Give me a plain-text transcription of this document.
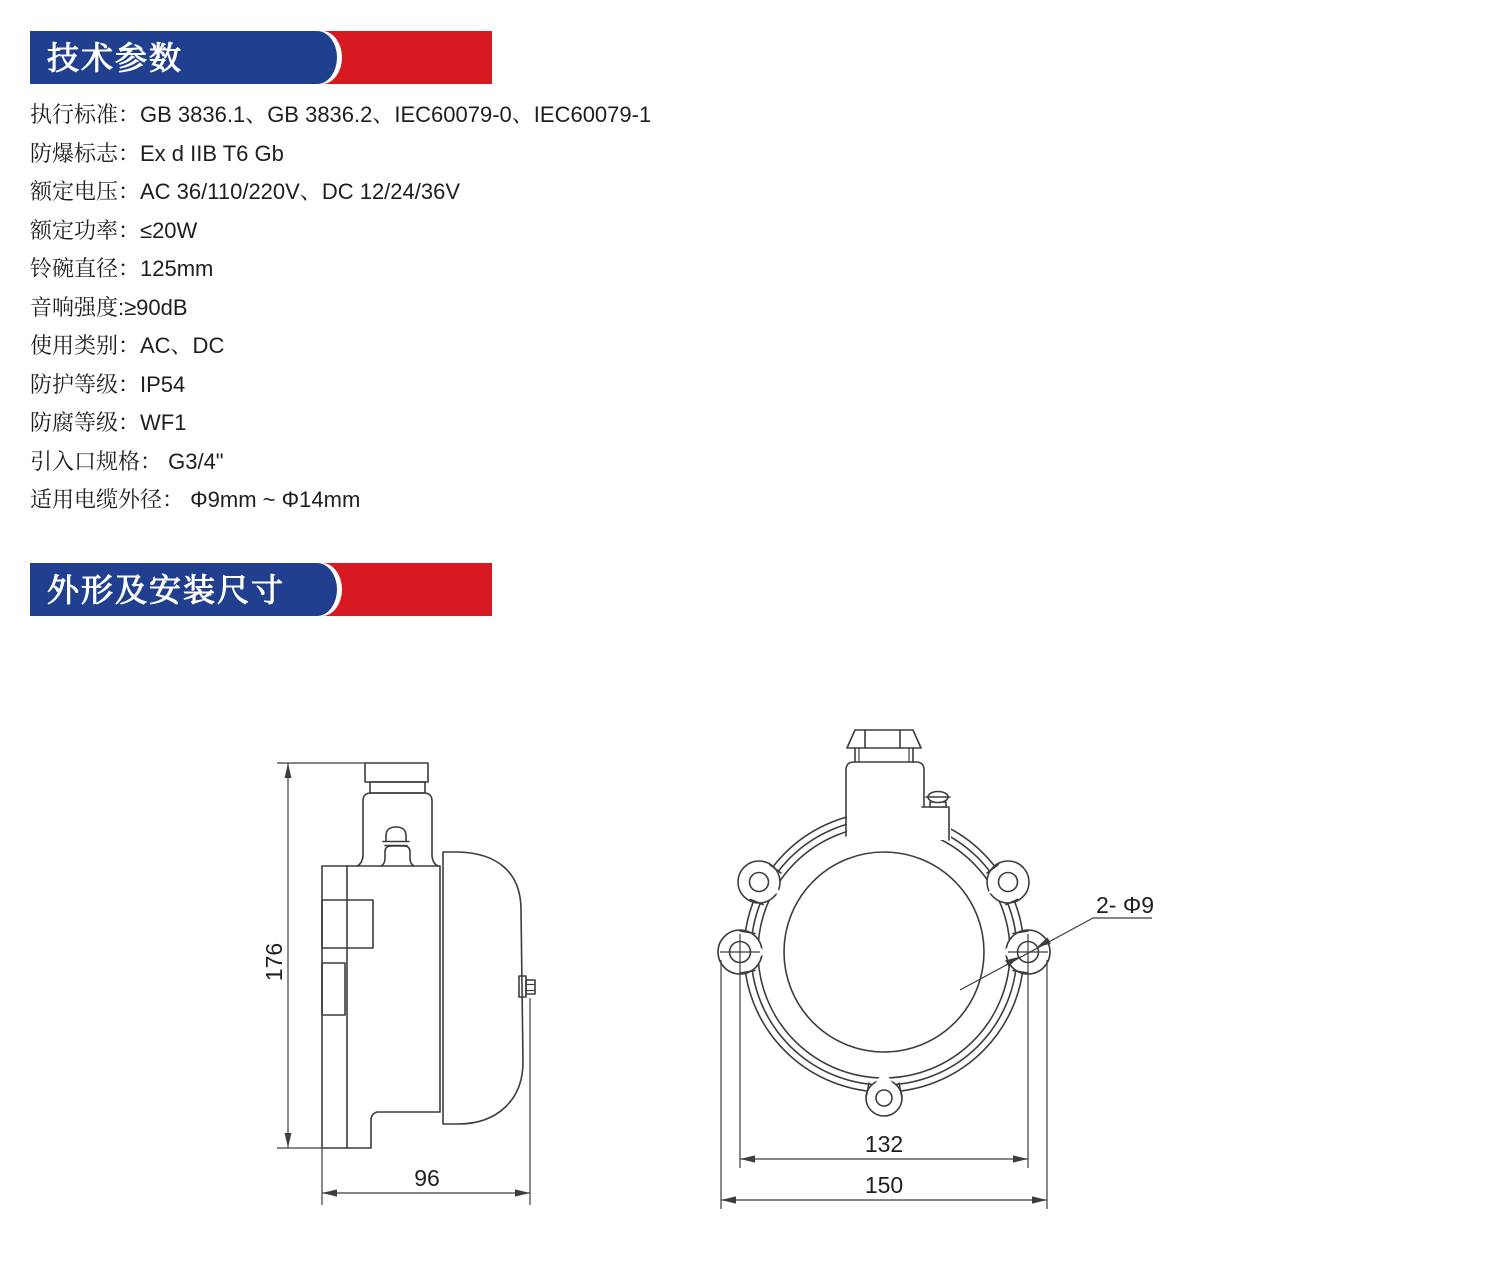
技术参数
执行标准：GB 3836.1、GB 3836.2、IEC60079-0、IEC60079-1
防爆标志：Ex d IIB T6 Gb
额定电压：AC 36/110/220V、DC 12/24/36V
额定功率：≤20W
铃碗直径：125mm
音响强度:≥90dB
使用类别：AC、DC
防护等级：IP54
防腐等级：WF1
引入口规格： G3/4"
适用电缆外径： Φ9mm ~ Φ14mm
外形及安装尺寸
176
96
2- Φ9
132
150
